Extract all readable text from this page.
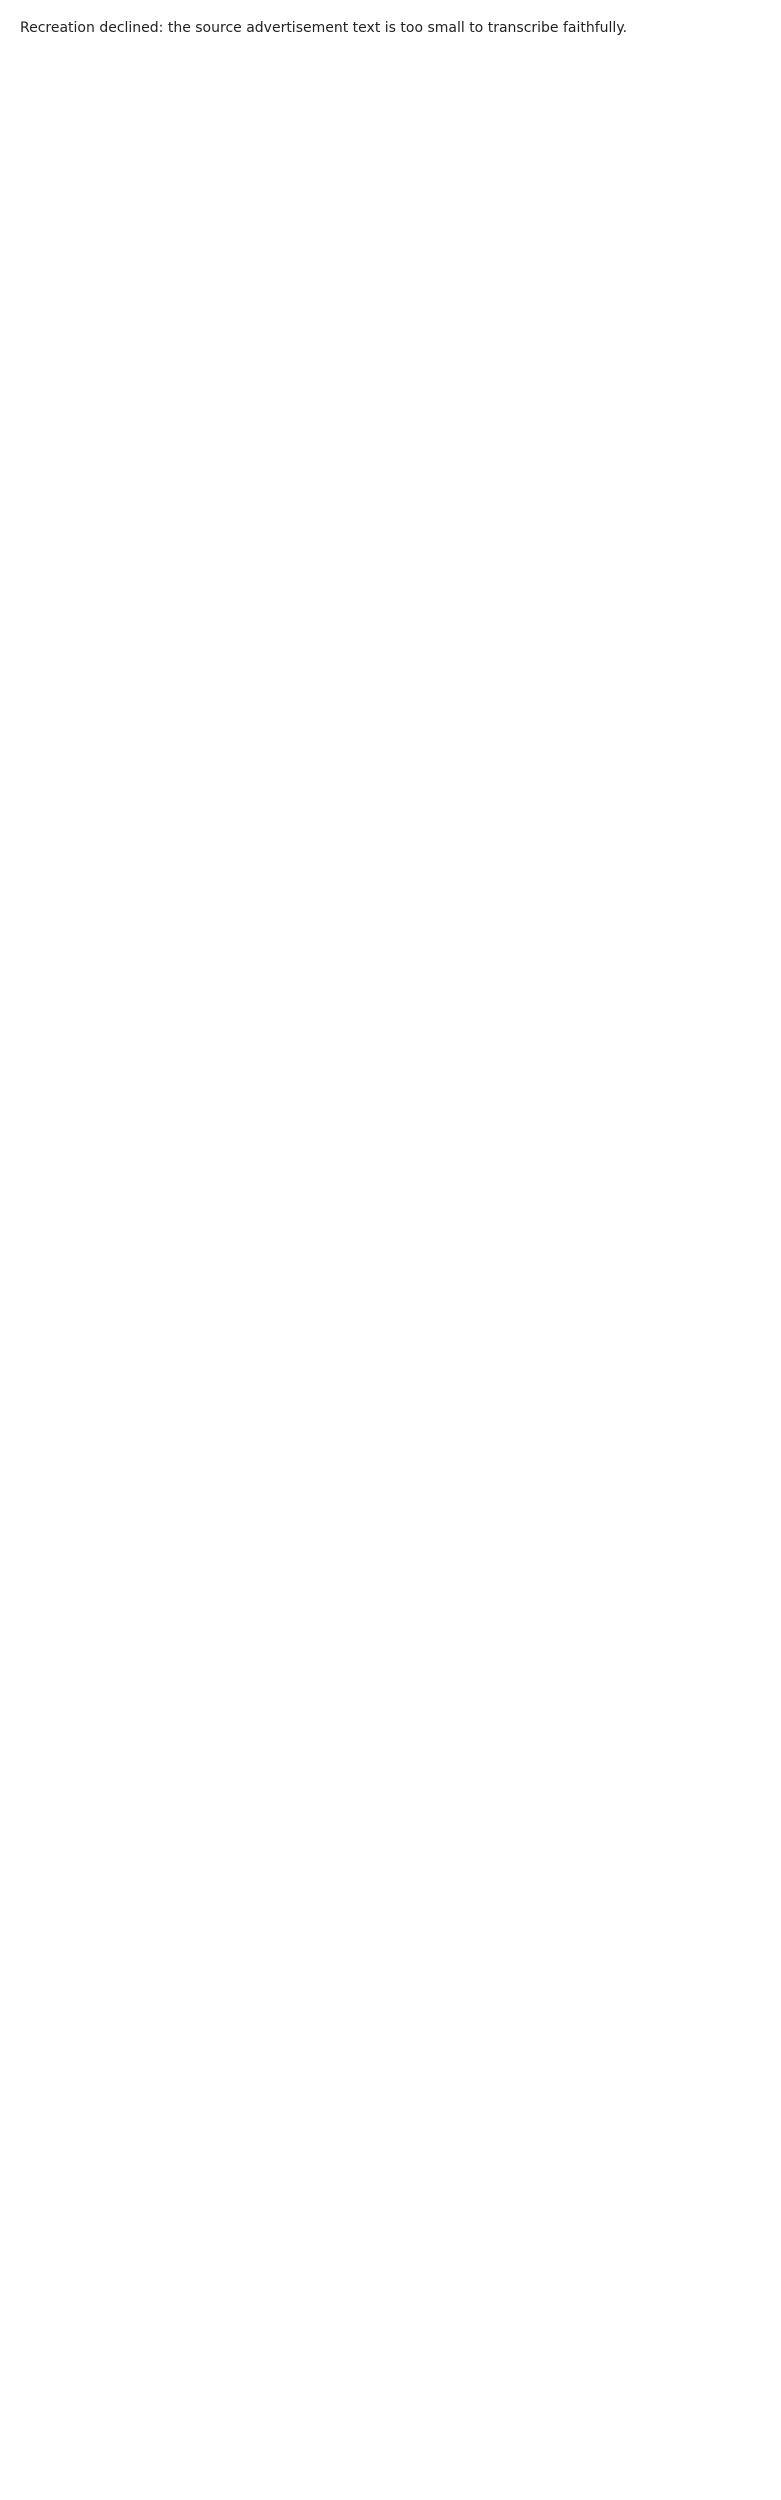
Recreation declined: the source advertisement text is too small to transcribe faithfully.
